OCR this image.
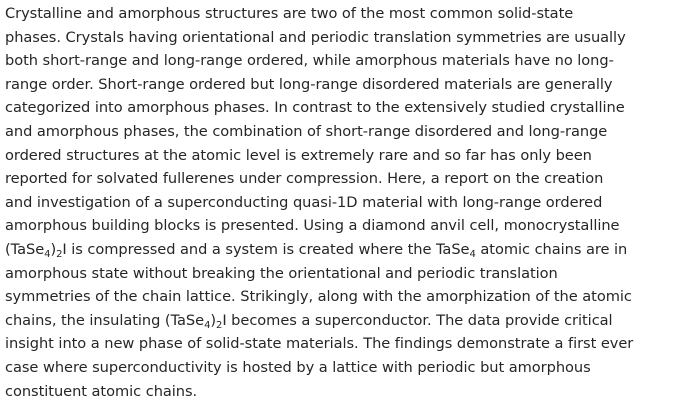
Crystalline and amorphous structures are two of the most common solid-state
phases. Crystals having orientational and periodic translation symmetries are usually
both short-range and long-range ordered, while amorphous materials have no long-
range order. Short-range ordered but long-range disordered materials are generally
categorized into amorphous phases. In contrast to the extensively studied crystalline
and amorphous phases, the combination of short-range disordered and long-range
ordered structures at the atomic level is extremely rare and so far has only been
reported for solvated fullerenes under compression. Here, a report on the creation
and investigation of a superconducting quasi-1D material with long-range ordered
amorphous building blocks is presented. Using a diamond anvil cell, monocrystalline
$(TaSe_4)_2I$ is compressed and a system is created where the TaSe$_4$ atomic chains are in
amorphous state without breaking the orientational and periodic translation
symmetries of the chain lattice. Strikingly, along with the amorphization of the atomic
chains, the insulating $(TaSe_4)_2I$ becomes a superconductor. The data provide critical
insight into a new phase of solid-state materials. The findings demonstrate a first ever
case where superconductivity is hosted by a lattice with periodic but amorphous
constituent atomic chains.
